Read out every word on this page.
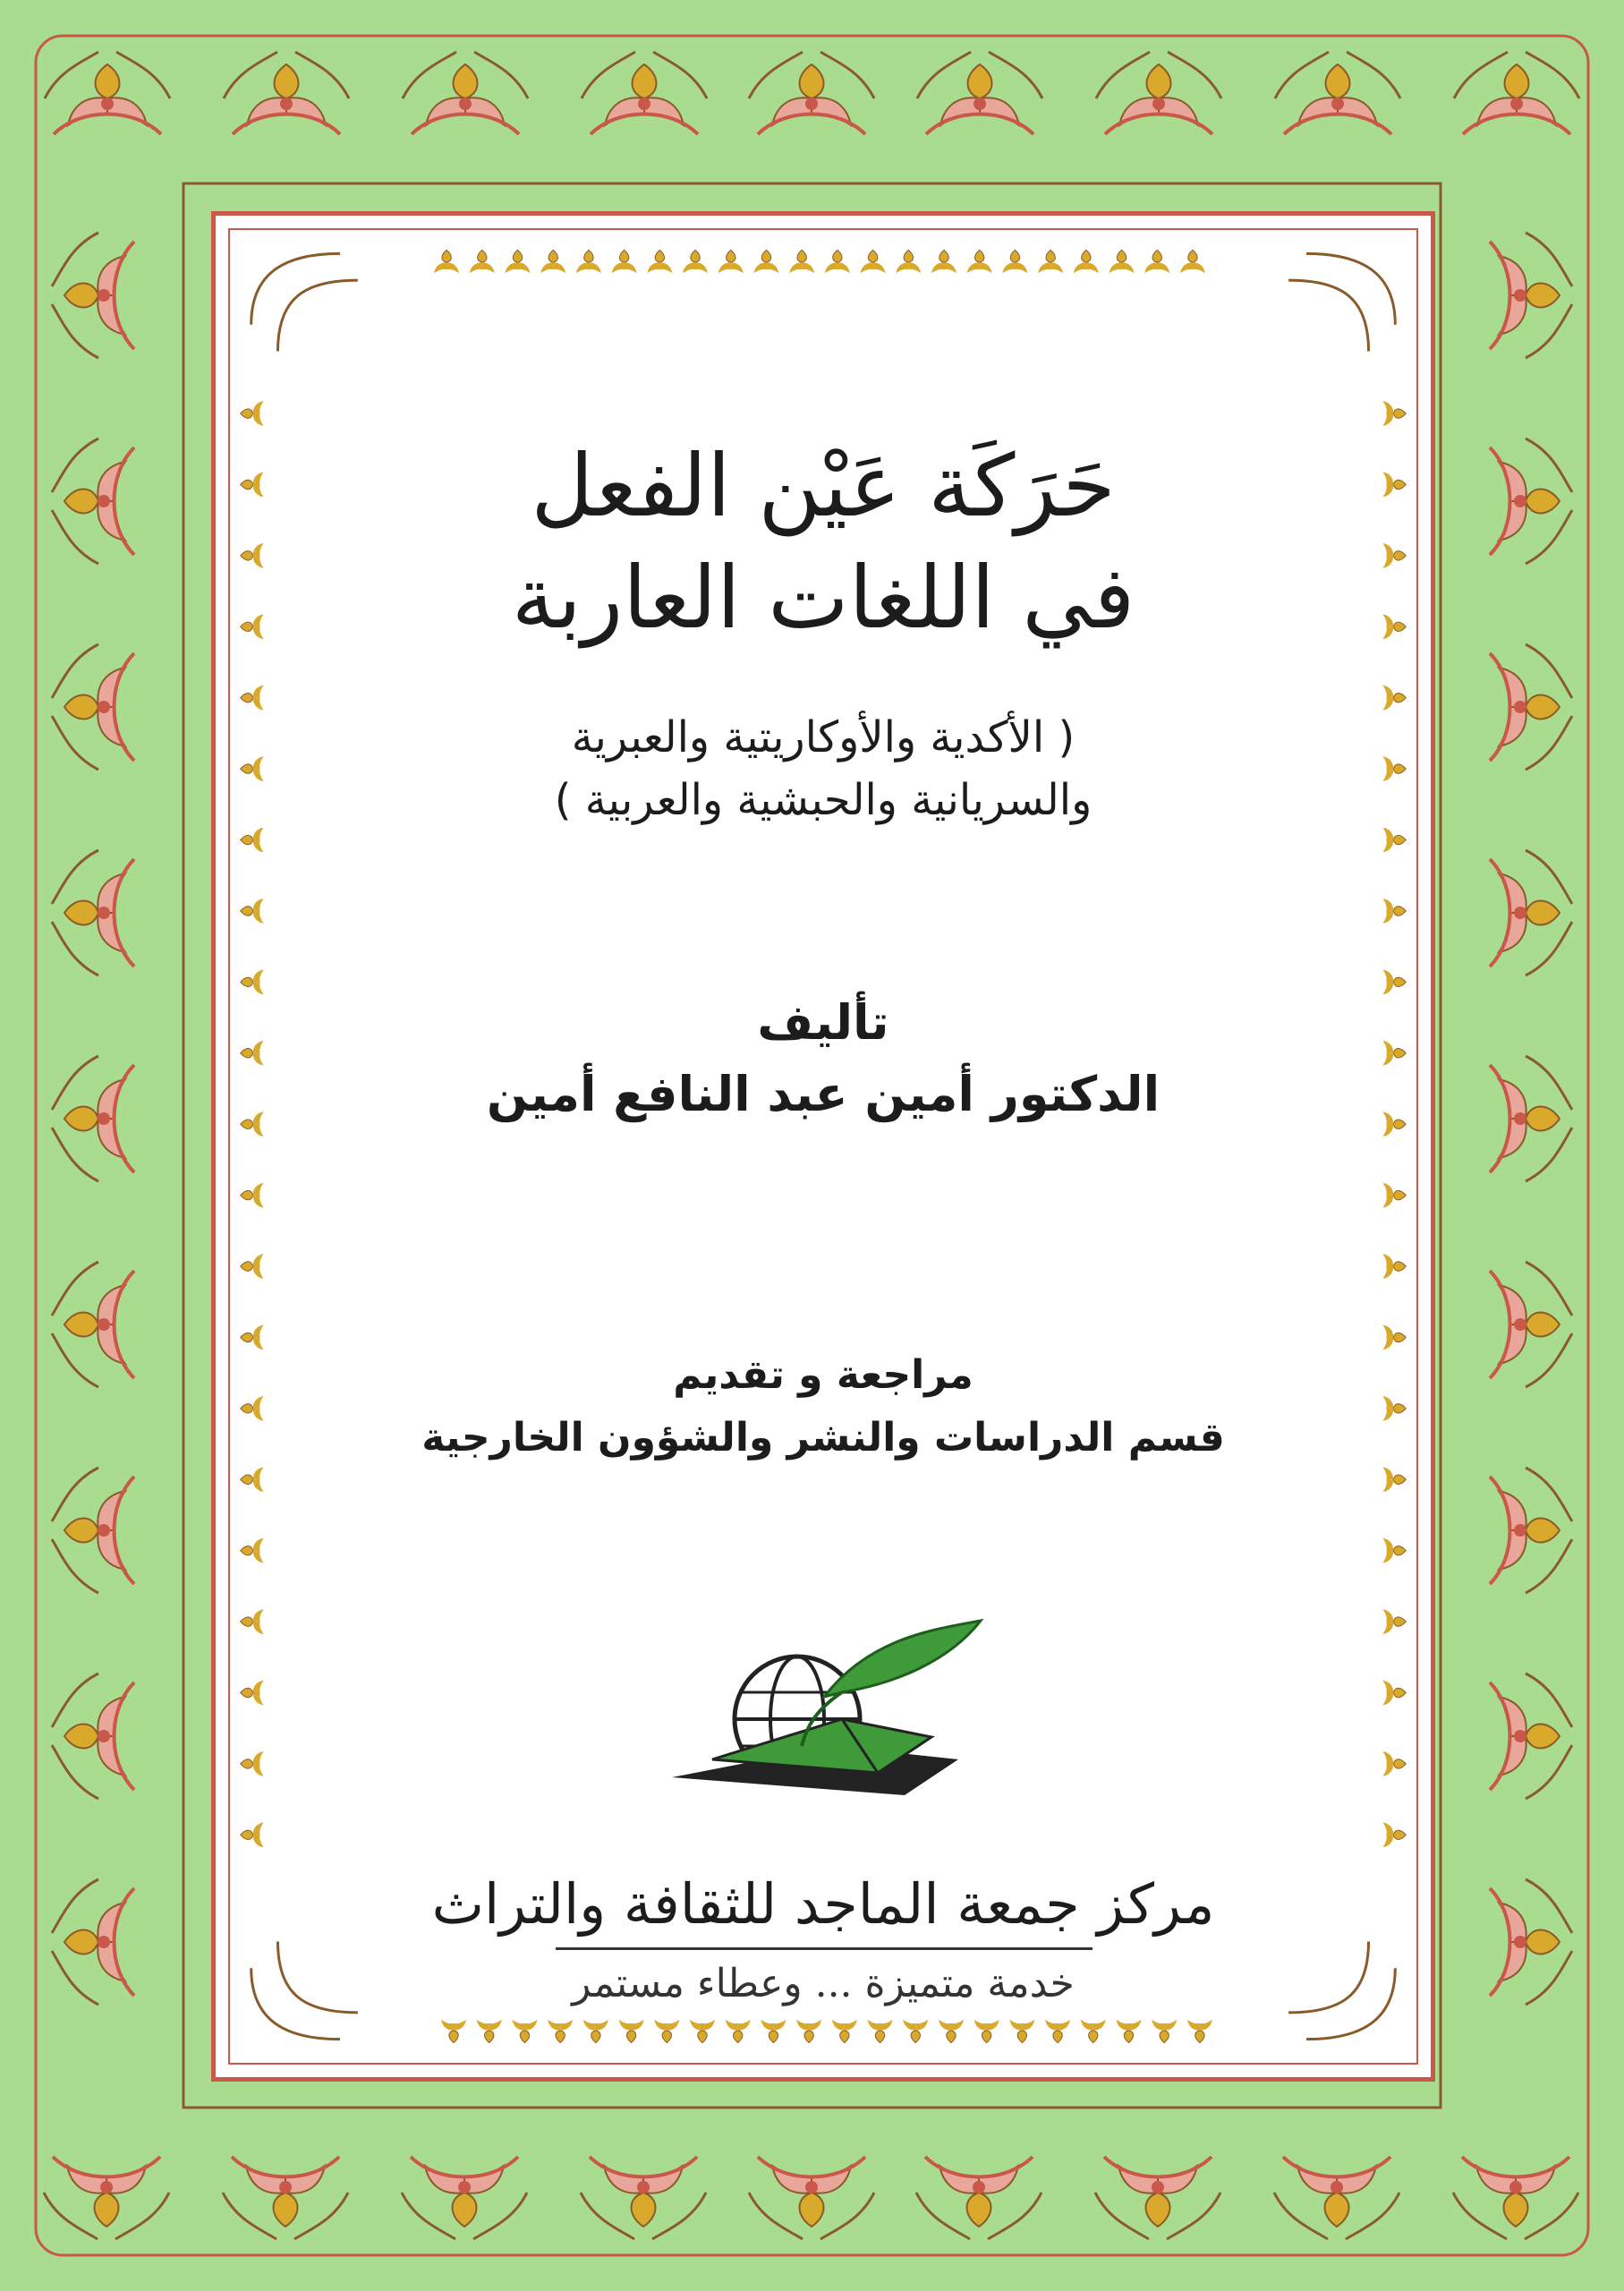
حَرَكَة عَيْن الفعل
في اللغات العاربة
( الأكدية والأوكاريتية والعبرية
والسريانية والحبشية والعربية )
تأليف
الدكتور أمين عبد النافع أمين
مراجعة و تقديم
قسم الدراسات والنشر والشؤون الخارجية
مركز جمعة الماجد للثقافة والتراث
خدمة متميزة ... وعطاء مستمر
